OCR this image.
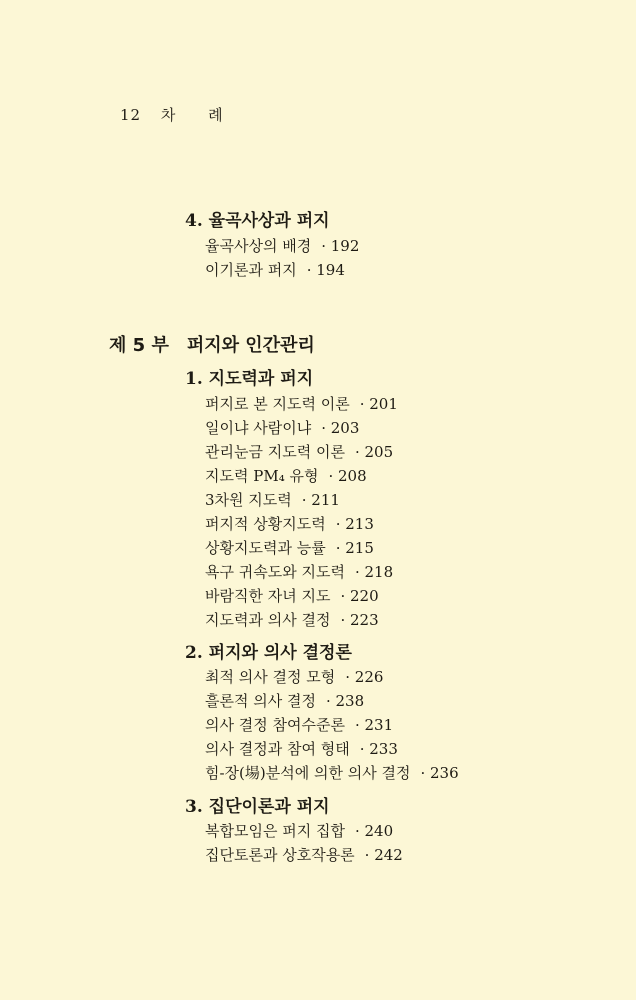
12 차 례
4. 율곡사상과 퍼지
율곡사상의 배경 · 192
이기론과 퍼지 · 194
제 5 부 퍼지와 인간관리
1. 지도력과 퍼지
퍼지로 본 지도력 이론 · 201
일이냐 사람이냐 · 203
관리눈금 지도력 이론 · 205
지도력 PM₄ 유형 · 208
3차원 지도력 · 211
퍼지적 상황지도력 · 213
상황지도력과 능률 · 215
욕구 귀속도와 지도력 · 218
바람직한 자녀 지도 · 220
지도력과 의사 결정 · 223
2. 퍼지와 의사 결정론
최적 의사 결정 모형 · 226
흘론적 의사 결정 · 238
의사 결정 참여수준론 · 231
의사 결정과 참여 형태 · 233
힘-장(場)분석에 의한 의사 결정 · 236
3. 집단이론과 퍼지
복합모임은 퍼지 집합 · 240
집단토론과 상호작용론 · 242
